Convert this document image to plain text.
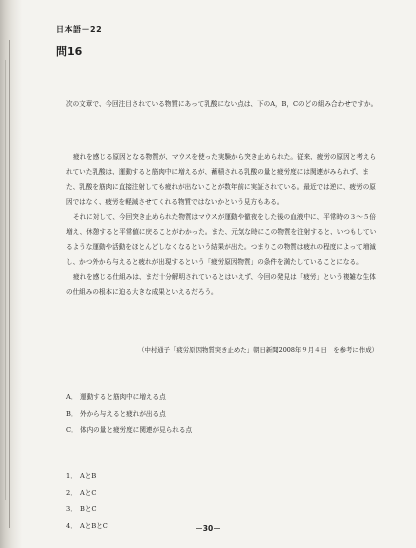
日本語－22
問16
次の文章で、今回注目されている物質にあって乳酸にない点は、下のA，B，Cのどの組み合わせですか。

疲れを感じる原因となる物質が、マウスを使った実験から突き止められた。従来、疲労の原因と考えられていた乳酸は、運動すると筋肉中に増えるが、蓄積される乳酸の量と疲労度には関連がみられず、また、乳酸を筋肉に直接注射しても疲れが出ないことが数年前に実証されている。最近では逆に、疲労の原因ではなく、疲労を軽減させてくれる物質ではないかという見方もある。

それに対して、今回突き止められた物質はマウスが運動や徹夜をした後の血液中に、平常時の３～５倍増え、休憩すると平常値に戻ることがわかった。また、元気な時にこの物質を注射すると、いつもしているような運動や活動をほとんどしなくなるという結果が出た。つまりこの物質は疲れの程度によって増減し、かつ外から与えると疲れが出現するという「疲労原因物質」の条件を満たしていることになる。

疲れを感じる仕組みは、まだ十分解明されているとはいえず、今回の発見は「疲労」という複雑な生体の仕組みの根本に迫る大きな成果といえるだろう。

（中村通子「疲労原因物質突き止めた」朝日新聞2008年９月４日　を参考に作成）
A． 運動すると筋肉中に増える点
B． 外から与えると疲れが出る点
C． 体内の量と疲労度に関連が見られる点
1． AとB
2． AとC
3． BとC
4． AとBとC	－30－
